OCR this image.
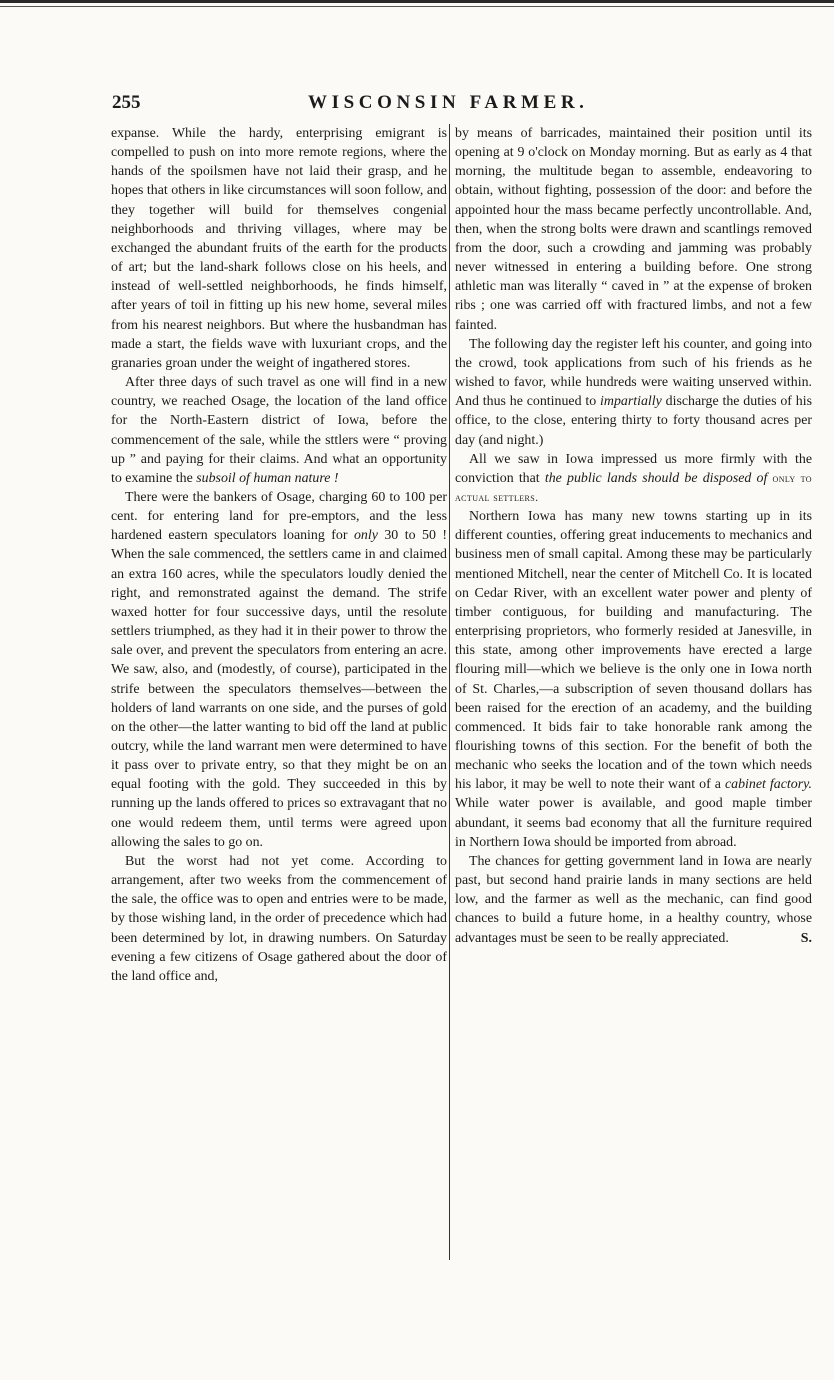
255	WISCONSIN FARMER.

expanse. While the hardy, enterprising emigrant is compelled to push on into more remote regions, where the hands of the spoilsmen have not laid their grasp, and he hopes that others in like circumstances will soon follow, and they together will build for themselves congenial neighborhoods and thriving villages, where may be exchanged the abundant fruits of the earth for the products of art; but the land-shark follows close on his heels, and instead of well-settled neighborhoods, he finds himself, after years of toil in fitting up his new home, several miles from his nearest neighbors. But where the husbandman has made a start, the fields wave with luxuriant crops, and the granaries groan under the weight of ingathered stores.

After three days of such travel as one will find in a new country, we reached Osage, the location of the land office for the North-Eastern district of Iowa, before the commencement of the sale, while the sttlers were “ proving up ” and paying for their claims. And what an opportunity to examine the subsoil of human nature !

There were the bankers of Osage, charging 60 to 100 per cent. for entering land for pre-emptors, and the less hardened eastern speculators loaning for only 30 to 50 ! When the sale commenced, the settlers came in and claimed an extra 160 acres, while the speculators loudly denied the right, and remonstrated against the demand. The strife waxed hotter for four successive days, until the resolute settlers triumphed, as they had it in their power to throw the sale over, and prevent the speculators from entering an acre. We saw, also, and (modestly, of course), participated in the strife between the speculators themselves—between the holders of land warrants on one side, and the purses of gold on the other—the latter wanting to bid off the land at public outcry, while the land warrant men were determined to have it pass over to private entry, so that they might be on an equal footing with the gold. They succeeded in this by running up the lands offered to prices so extravagant that no one would redeem them, until terms were agreed upon allowing the sales to go on.

But the worst had not yet come. According to arrangement, after two weeks from the commencement of the sale, the office was to open and entries were to be made, by those wishing land, in the order of precedence which had been determined by lot, in drawing numbers. On Saturday evening a few citizens of Osage gathered about the door of the land office and,

by means of barricades, maintained their position until its opening at 9 o'clock on Monday morning. But as early as 4 that morning, the multitude began to assemble, endeavoring to obtain, without fighting, possession of the door: and before the appointed hour the mass became perfectly uncontrollable. And, then, when the strong bolts were drawn and scantlings removed from the door, such a crowding and jamming was probably never witnessed in entering a building before. One strong athletic man was literally “ caved in ” at the expense of broken ribs ; one was carried off with fractured limbs, and not a few fainted.

The following day the register left his counter, and going into the crowd, took applications from such of his friends as he wished to favor, while hundreds were waiting unserved within. And thus he continued to impartially discharge the duties of his office, to the close, entering thirty to forty thousand acres per day (and night.)

All we saw in Iowa impressed us more firmly with the conviction that the public lands should be disposed of only to actual settlers.

Northern Iowa has many new towns starting up in its different counties, offering great inducements to mechanics and business men of small capital. Among these may be particularly mentioned Mitchell, near the center of Mitchell Co. It is located on Cedar River, with an excellent water power and plenty of timber contiguous, for building and manufacturing. The enterprising proprietors, who formerly resided at Janesville, in this state, among other improvements have erected a large flouring mill—which we believe is the only one in Iowa north of St. Charles,—a subscription of seven thousand dollars has been raised for the erection of an academy, and the building commenced. It bids fair to take honorable rank among the flourishing towns of this section. For the benefit of both the mechanic who seeks the location and of the town which needs his labor, it may be well to note their want of a cabinet factory. While water power is available, and good maple timber abundant, it seems bad economy that all the furniture required in Northern Iowa should be imported from abroad.

The chances for getting government land in Iowa are nearly past, but second hand prairie lands in many sections are held low, and the farmer as well as the mechanic, can find good chances to build a future home, in a healthy country, whose advantages must be seen to be really appreciated.	S.
